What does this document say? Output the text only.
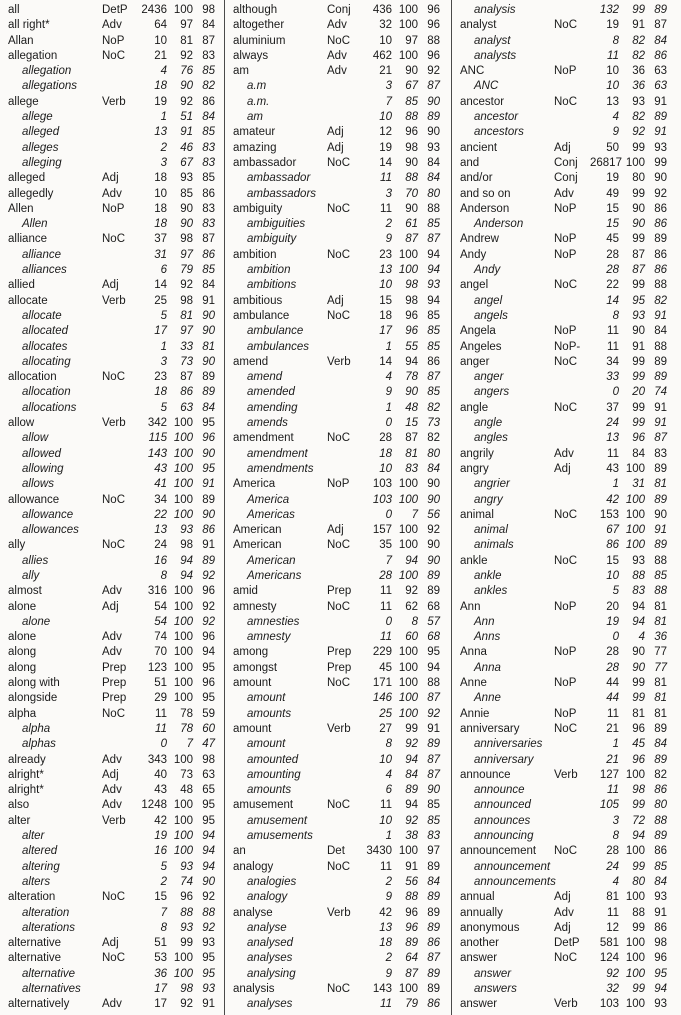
all	DetP	2436 100 98
all right*	Adv	64	97 84
Allan	NoP	10	81 87
allegation	NoC	21	92 83
allegation	4	76 85
allegations	18	90 82
allege	Verb	19	92 86
allege	1	51 84
alleged	13	91 85
alleges	2	46 83
alleging	3	67 83
alleged	Adj	18	93 85
allegedly	Adv	10	85 86
Allen	NoP	18	90 83
Allen	18	90 83
alliance	NoC	37	98 87
alliance	31	97 86
alliances	6	79 85
allied	Adj	14	92 84
allocate	Verb	25	98 91
allocate	5	81 90
allocated	17	97 90
allocates	1	33 81
allocating	3	73 90
allocation	NoC	23	87 89
allocation	18	86 89
allocations	5	63 84
allow	Verb	342 100 95
allow	115 100 96
allowed	143 100 90
allowing	43 100 95
allows	41 100 91
allowance	NoC	34 100 89
allowance	22 100 90
allowances	13	93 86
ally	NoC	24	98 91
allies	16	94 89
ally	8	94 92
almost	Adv	316 100 96
alone	Adj	54 100 92
alone	54 100 92
alone	Adv	74 100 96
along	Adv	70 100 94
along	Prep	123 100 95
along with	Prep	51 100 96
alongside	Prep	29 100 95
alpha	NoC	11	78 59
alpha	11	78 60
alphas	0	7 47
already	Adv	343 100 98
alright*	Adj	40	73 63
alright*	Adv	43	48 65
also	Adv	1248 100 95
alter	Verb	42 100 95
alter	19 100 94
altered	16 100 94
altering	5	93 94
alters	2	74 90
alteration	NoC	15	96 92
alteration	7	88 88
alterations	8	93 92
alternative	Adj	51	99 93
alternative	NoC	53 100 95
alternative	36 100 95
alternatives	17	98 93
alternatively	Adv	17	92 91
although	Conj	436 100 96
altogether	Adv	32 100 96
aluminium	NoC	10	97 88
always	Adv	462 100 96
am	Adv	21	90 92
a.m	3	67 87
a.m.	7	85 90
am	10	88 89
amateur	Adj	12	96 90
amazing	Adj	19	98 93
ambassador	NoC	14	90 84
ambassador	11	88 84
ambassadors	3	70 80
ambiguity	NoC	11	90 88
ambiguities	2	61 85
ambiguity	9	87 87
ambition	NoC	23 100 94
ambition	13 100 94
ambitions	10	98 93
ambitious	Adj	15	98 94
ambulance	NoC	18	96 85
ambulance	17	96 85
ambulances	1	55 85
amend	Verb	14	94 86
amend	4	78 87
amended	9	90 85
amending	1	48 82
amends	0	15 73
amendment	NoC	28	87 82
amendment	18	81 80
amendments	10	83 84
America	NoP	103 100 90
America	103 100 90
Americas	0	7 56
American	Adj	157 100 92
American	NoC	35 100 90
American	7	94 90
Americans	28 100 89
amid	Prep	11	92 89
amnesty	NoC	11	62 68
amnesties	0	8 57
amnesty	11	60 68
among	Prep	229 100 95
amongst	Prep	45 100 94
amount	NoC	171 100 88
amount	146 100 87
amounts	25 100 92
amount	Verb	27	99 91
amount	8	92 89
amounted	10	94 87
amounting	4	84 87
amounts	6	89 90
amusement	NoC	11	94 85
amusement	10	92 85
amusements	1	38 83
an	Det	3430 100 97
analogy	NoC	11	91 89
analogies	2	56 84
analogy	9	88 89
analyse	Verb	42	96 89
analyse	13	96 89
analysed	18	89 86
analyses	2	64 87
analysing	9	87 89
analysis	NoC	143 100 89
analyses	11	79 86
analysis	132	99 89
analyst	NoC	19	91 87
analyst	8	82 84
analysts	11	82 86
ANC	NoP	10	36 63
ANC	10	36 63
ancestor	NoC	13	93 91
ancestor	4	82 89
ancestors	9	92 91
ancient	Adj	50	99 93
and	Conj	26817 100 99
and/or	Conj	19	80 90
and so on	Adv	49	99 92
Anderson	NoP	15	90 86
Anderson	15	90 86
Andrew	NoP	45	99 89
Andy	NoP	28	87 86
Andy	28	87 86
angel	NoC	22	99 88
angel	14	95 82
angels	8	93 91
Angela	NoP	11	90 84
Angeles	NoP-	11	91 88
anger	NoC	34	99 89
anger	33	99 89
angers	0	20 74
angle	NoC	37	99 91
angle	24	99 91
angles	13	96 87
angrily	Adv	11	84 83
angry	Adj	43 100 89
angrier	1	31 81
angry	42 100 89
animal	NoC	153 100 90
animal	67 100 91
animals	86 100 89
ankle	NoC	15	93 88
ankle	10	88 85
ankles	5	83 88
Ann	NoP	20	94 81
Ann	19	94 81
Anns	0	4 36
Anna	NoP	28	90 77
Anna	28	90 77
Anne	NoP	44	99 81
Anne	44	99 81
Annie	NoP	11	81 81
anniversary	NoC	21	96 89
anniversaries	1	45 84
anniversary	21	96 89
announce	Verb	127 100 82
announce	11	98 86
announced	105	99 80
announces	3	72 88
announcing	8	94 89
announcement	NoC	28 100 86
announcement	24	99 85
announcements	4	80 84
annual	Adj	81 100 93
annually	Adv	11	88 91
anonymous	Adj	12	99 86
another	DetP	581 100 98
answer	NoC	124 100 96
answer	92 100 95
answers	32	99 94
answer	Verb	103 100 93
